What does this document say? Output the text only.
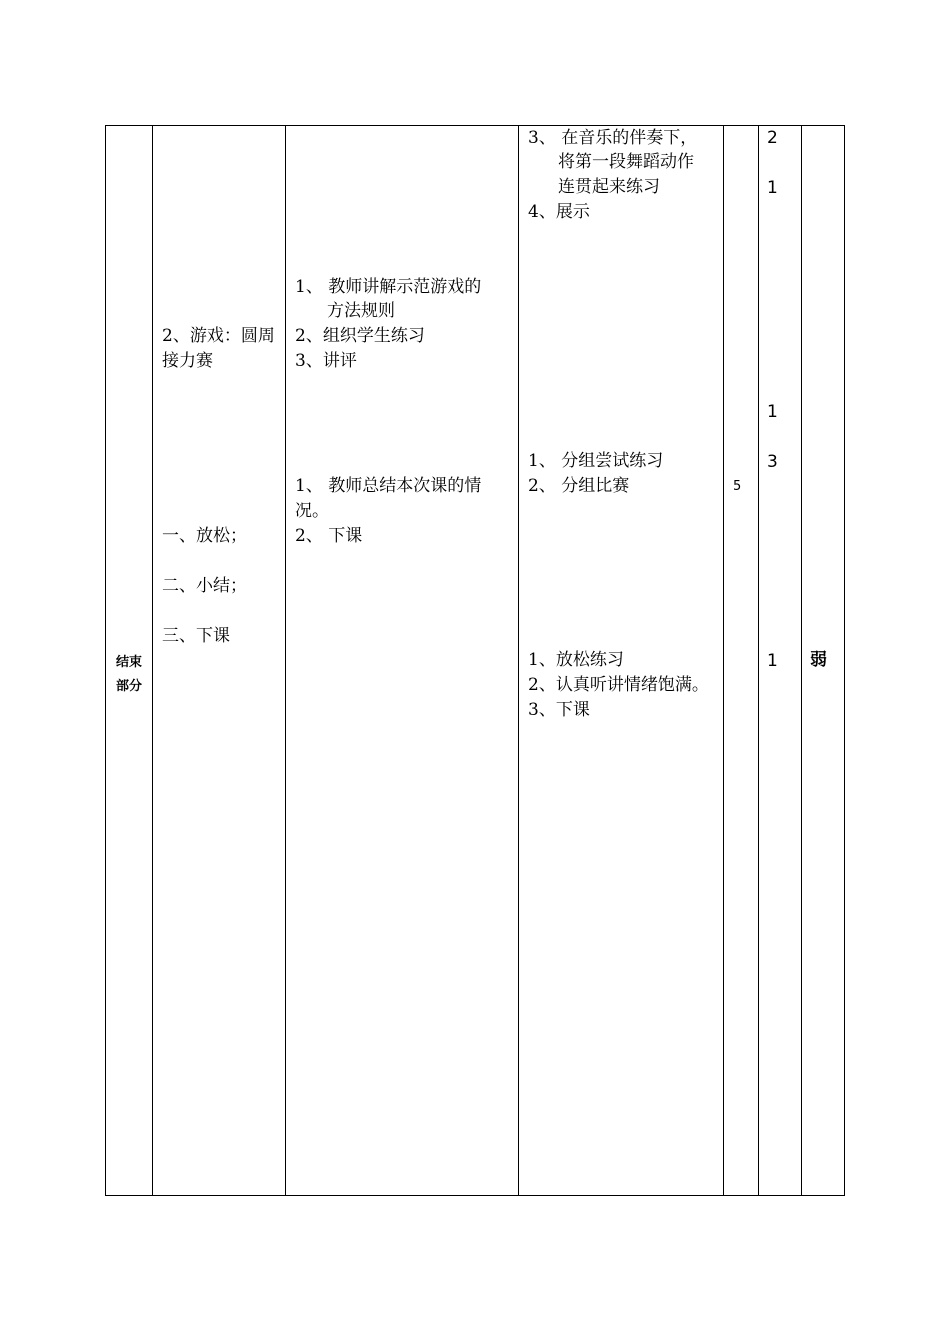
结束
部分
2、游戏：圆周
接力赛
一、放松；
二、小结；
三、下课
1、 教师讲解示范游戏的
方法规则
2、组织学生练习
3、讲评
1、 教师总结本次课的情
况。
2、 下课
3、 在音乐的伴奏下，
将第一段舞蹈动作
连贯起来练习
4、展示
1、 分组尝试练习
2、 分组比赛
1、放松练习
2、认真听讲情绪饱满。
3、下课
5
2
1
1
3
1 弱
